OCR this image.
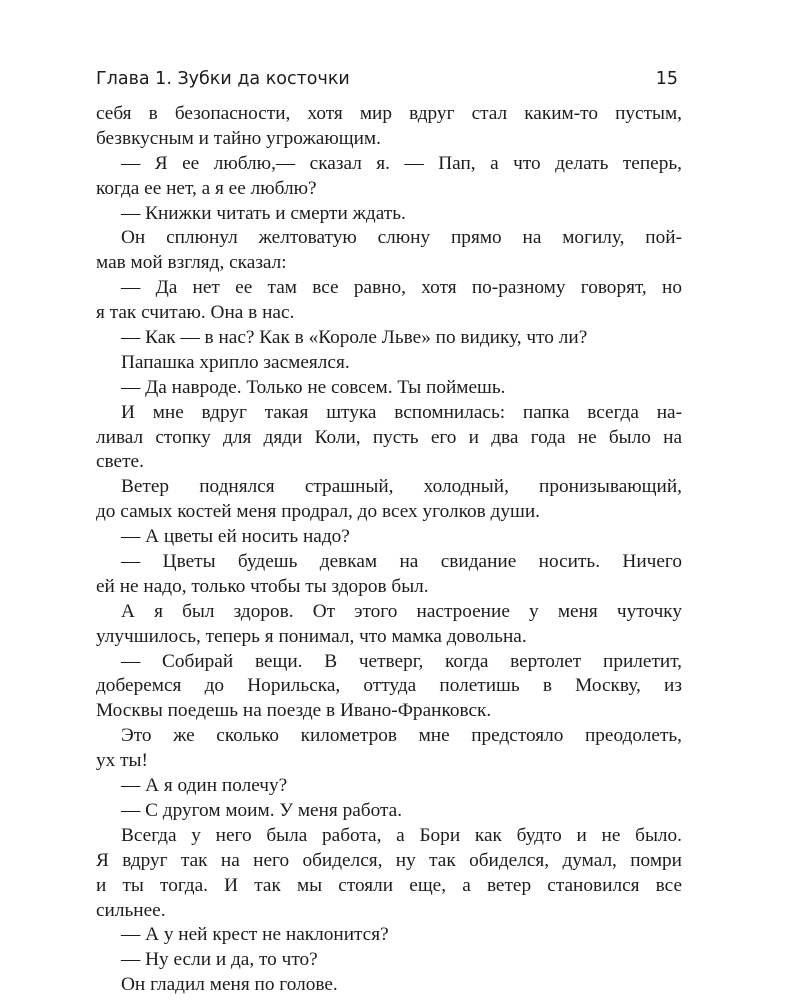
Глава 1. Зубки да косточки	15
себя в безопасности, хотя мир вдруг стал каким-то пустым,
безвкусным и тайно угрожающим.
— Я ее люблю,— сказал я. — Пап, а что делать теперь,
когда ее нет, а я ее люблю?
— Книжки читать и смерти ждать.
Он сплюнул желтоватую слюну прямо на могилу, пой-
мав мой взгляд, сказал:
— Да нет ее там все равно, хотя по-разному говорят, но
я так считаю. Она в нас.
— Как — в нас? Как в «Короле Льве» по видику, что ли?
Папашка хрипло засмеялся.
— Да навроде. Только не совсем. Ты поймешь.
И мне вдруг такая штука вспомнилась: папка всегда на-
ливал стопку для дяди Коли, пусть его и два года не было на
свете.
Ветер поднялся страшный, холодный, пронизывающий,
до самых костей меня продрал, до всех уголков души.
— А цветы ей носить надо?
— Цветы будешь девкам на свидание носить. Ничего
ей не надо, только чтобы ты здоров был.
А я был здоров. От этого настроение у меня чуточку
улучшилось, теперь я понимал, что мамка довольна.
— Собирай вещи. В четверг, когда вертолет прилетит,
доберемся до Норильска, оттуда полетишь в Москву, из
Москвы поедешь на поезде в Ивано-Франковск.
Это же сколько километров мне предстояло преодолеть,
ух ты!
— А я один полечу?
— С другом моим. У меня работа.
Всегда у него была работа, а Бори как будто и не было.
Я вдруг так на него обиделся, ну так обиделся, думал, помри
и ты тогда. И так мы стояли еще, а ветер становился все
сильнее.
— А у ней крест не наклонится?
— Ну если и да, то что?
Он гладил меня по голове.
